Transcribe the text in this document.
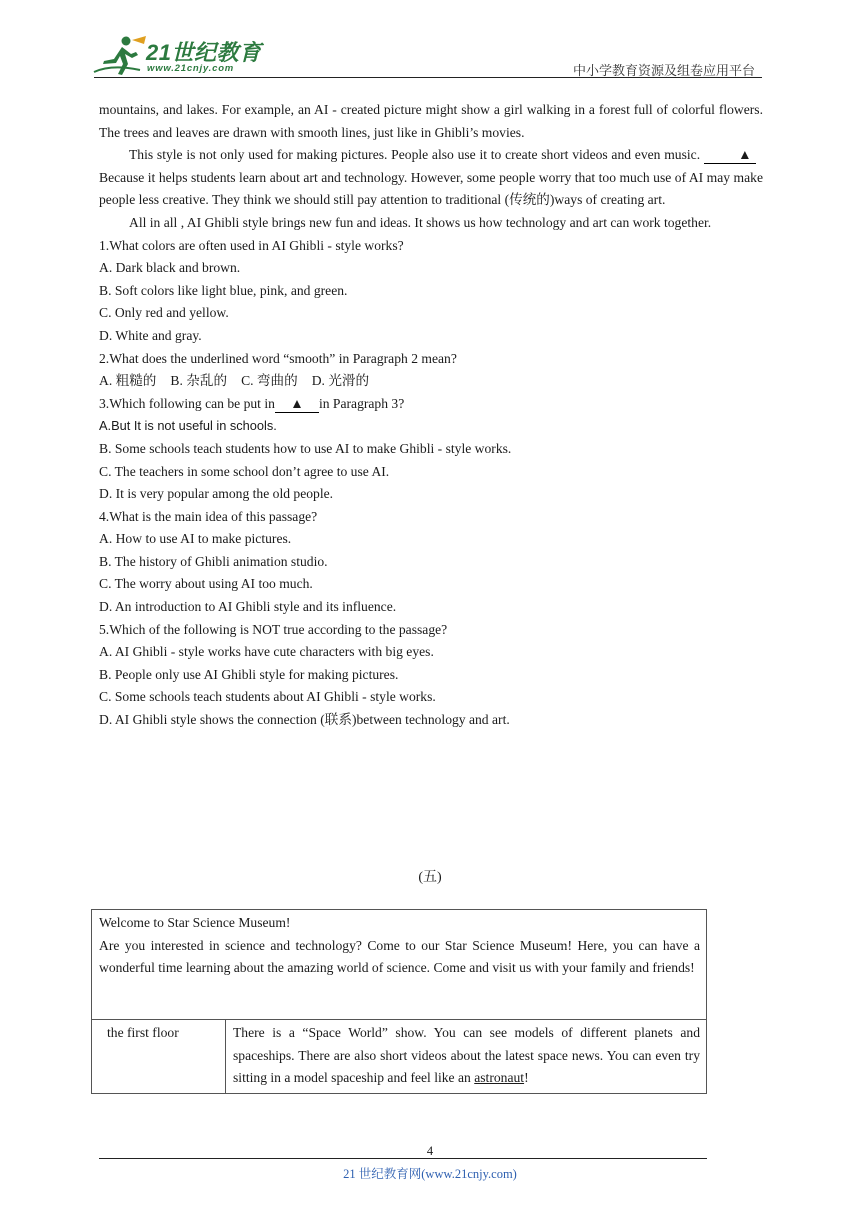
21世纪教育
www.21cnjy.com	中小学教育资源及组卷应用平台

mountains, and lakes. For example, an AI - created picture might show a girl walking in a forest full of colorful flowers. The trees and leaves are drawn with smooth lines, just like in Ghibli’s movies.

This style is not only used for making pictures. People also use it to create short videos and even music.	▲   Because it helps students learn about art and technology. However, some people worry that too much use of AI may make people less creative. They think we should still pay attention to traditional (传统的)ways of creating art.

All in all , AI Ghibli style brings new fun and ideas. It shows us how technology and art can work together.

1.What colors are often used in AI Ghibli - style works?

A. Dark black and brown.

B. Soft colors like light blue, pink, and green.

C. Only red and yellow.

D. White and gray.

2.What does the underlined word “smooth” in Paragraph 2 mean?

A. 粗糙的 B. 杂乱的 C. 弯曲的 D. 光滑的

3.Which following can be put in ▲ in Paragraph 3?

A.But It is not useful in schools.

B. Some schools teach students how to use AI to make Ghibli - style works.

C. The teachers in some school don’t agree to use AI.

D. It is very popular among the old people.

4.What is the main idea of this passage?

A. How to use AI to make pictures.

B. The history of Ghibli animation studio.

C. The worry about using AI too much.

D. An introduction to AI Ghibli style and its influence.

5.Which of the following is NOT true according to the passage?

A. AI Ghibli - style works have cute characters with big eyes.

B. People only use AI Ghibli style for making pictures.

C. Some schools teach students about AI Ghibli - style works.

D. AI Ghibli style shows the connection (联系)between technology and art.

(五)
Welcome to Star Science Museum!
Are you interested in science and technology? Come to our Star Science Museum! Here, you can have a wonderful time learning about the amazing world of science. Come and visit us with your family and friends!

the first floor	There is a “Space World” show. You can see models of different planets and spaceships. There are also short videos about the latest space news. You can even try sitting in a model spaceship and feel like an astronaut!
4
21 世纪教育网(www.21cnjy.com)
